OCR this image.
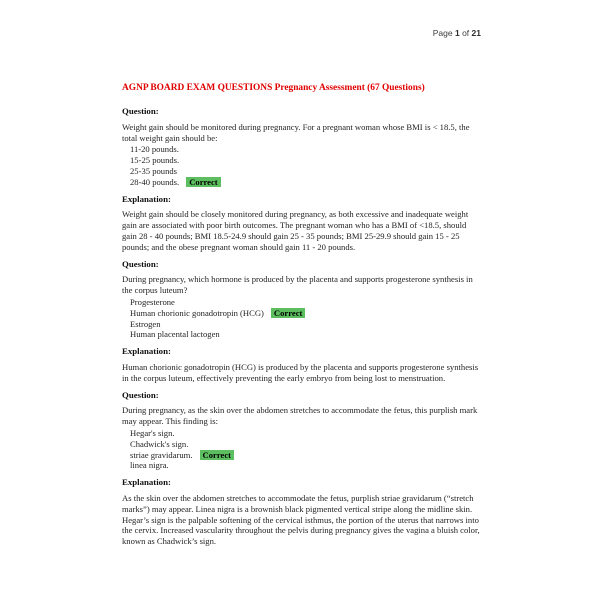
Page 1 of 21
AGNP BOARD EXAM QUESTIONS Pregnancy Assessment (67 Questions)

Question:

Weight gain should be monitored during pregnancy. For a pregnant woman whose BMI is < 18.5, the total weight gain should be:

11-20 pounds.
15-25 pounds.
25-35 pounds
28-40 pounds. Correct

Explanation:

Weight gain should be closely monitored during pregnancy, as both excessive and inadequate weight gain are associated with poor birth outcomes. The pregnant woman who has a BMI of <18.5, should gain 28 - 40 pounds; BMI 18.5-24.9 should gain 25 - 35 pounds; BMI 25-29.9 should gain 15 - 25 pounds; and the obese pregnant woman should gain 11 - 20 pounds.

Question:

During pregnancy, which hormone is produced by the placenta and supports progesterone synthesis in the corpus luteum?

Progesterone
Human chorionic gonadotropin (HCG) Correct
Estrogen
Human placental lactogen

Explanation:

Human chorionic gonadotropin (HCG) is produced by the placenta and supports progesterone synthesis in the corpus luteum, effectively preventing the early embryo from being lost to menstruation.

Question:

During pregnancy, as the skin over the abdomen stretches to accommodate the fetus, this purplish mark may appear. This finding is:

Hegar's sign.
Chadwick's sign.
striae gravidarum. Correct
linea nigra.

Explanation:

As the skin over the abdomen stretches to accommodate the fetus, purplish striae gravidarum (“stretch marks”) may appear. Linea nigra is a brownish black pigmented vertical stripe along the midline skin. Hegar’s sign is the palpable softening of the cervical isthmus, the portion of the uterus that narrows into the cervix. Increased vascularity throughout the pelvis during pregnancy gives the vagina a bluish color, known as Chadwick’s sign.
